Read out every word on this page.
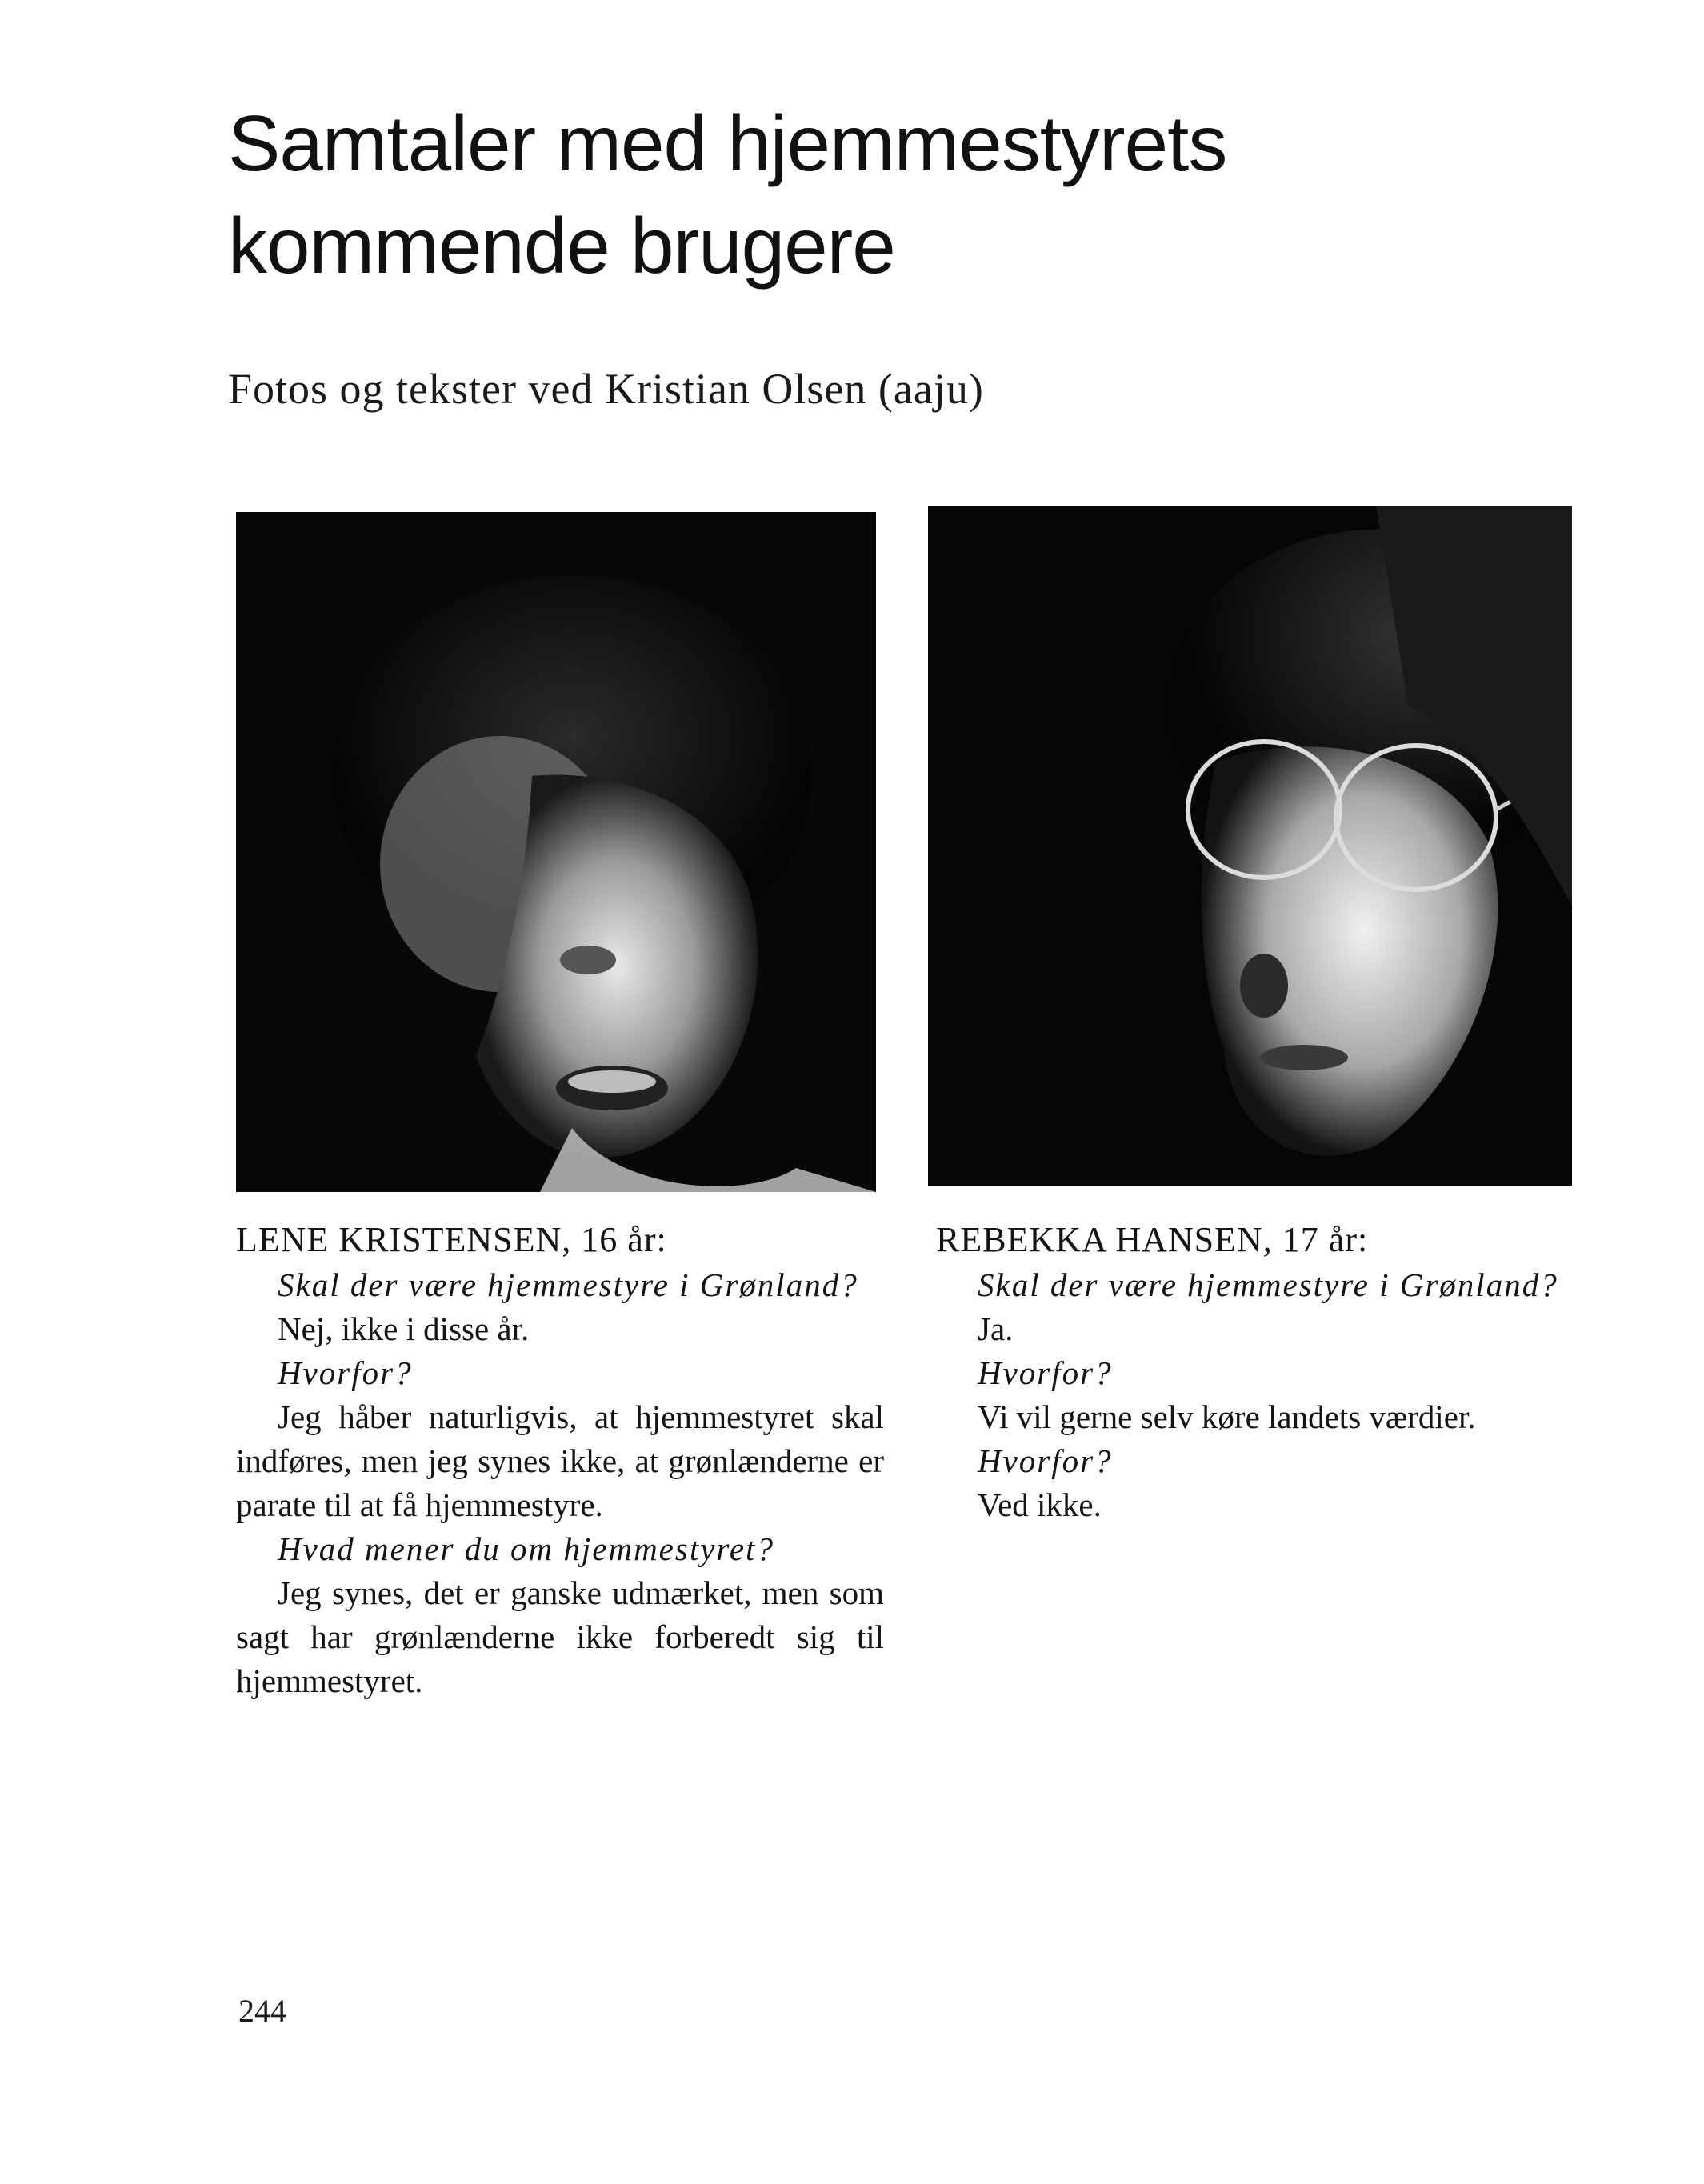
Samtaler med hjemmestyrets
kommende brugere
Fotos og tekster ved Kristian Olsen (aaju)

LENE KRISTENSEN, 16 år:

Skal der være hjemmestyre i Grønland?

Nej, ikke i disse år.

Hvorfor?

Jeg håber naturligvis, at hjemmestyret skal indføres, men jeg synes ikke, at grønlænderne er parate til at få hjemmestyre.

Hvad mener du om hjemmestyret?

Jeg synes, det er ganske udmærket, men som sagt har grønlænderne ikke forberedt sig til hjemmestyret.

REBEKKA HANSEN, 17 år:

Skal der være hjemmestyre i Grønland?

Ja.

Hvorfor?

Vi vil gerne selv køre landets værdier.

Hvorfor?

Ved ikke.

244
